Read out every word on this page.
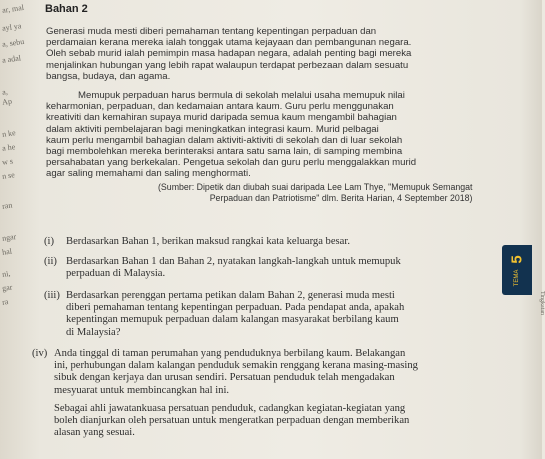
ar, mal
ayl ya
a, sebu
a adal
a,
Ap
n ke
a he
w s
n se
ran
ngar
hal
ni,
gar
ra
Bahan 2
Generasi muda mesti diberi pemahaman tentang kepentingan perpaduan dan
perdamaian kerana mereka ialah tonggak utama kejayaan dan pembangunan negara.
Oleh sebab murid ialah pemimpin masa hadapan negara, adalah penting bagi mereka
menjalinkan hubungan yang lebih rapat walaupun terdapat perbezaan dalam sesuatu
bangsa, budaya, dan agama.
Memupuk perpaduan harus bermula di sekolah melalui usaha memupuk nilai
keharmonian, perpaduan, dan kedamaian antara kaum. Guru perlu menggunakan
kreativiti dan kemahiran supaya murid daripada semua kaum mengambil bahagian
dalam aktiviti pembelajaran bagi meningkatkan integrasi kaum. Murid pelbagai
kaum perlu mengambil bahagian dalam aktiviti-aktiviti di sekolah dan di luar sekolah
bagi membolehkan mereka berinteraksi antara satu sama lain, di samping membina
persahabatan yang berkekalan. Pengetua sekolah dan guru perlu menggalakkan murid
agar saling memahami dan saling menghormati.
(Sumber: Dipetik dan diubah suai daripada Lee Lam Thye, "Memupuk Semangat
Perpaduan dan Patriotisme" dlm. Berita Harian, 4 September 2018)
(i) Berdasarkan Bahan 1, berikan maksud rangkai kata keluarga besar.
(ii) Berdasarkan Bahan 1 dan Bahan 2, nyatakan langkah-langkah untuk memupuk
perpaduan di Malaysia.
(iii) Berdasarkan perenggan pertama petikan dalam Bahan 2, generasi muda mesti
diberi pemahaman tentang kepentingan perpaduan. Pada pendapat anda, apakah
kepentingan memupuk perpaduan dalam kalangan masyarakat berbilang kaum
di Malaysia?
(iv) Anda tinggal di taman perumahan yang penduduknya berbilang kaum. Belakangan
ini, perhubungan dalam kalangan penduduk semakin renggang kerana masing-masing
sibuk dengan kerjaya dan urusan sendiri. Persatuan penduduk telah mengadakan
mesyuarat untuk membincangkan hal ini.
Sebagai ahli jawatankuasa persatuan penduduk, cadangkan kegiatan-kegiatan yang
boleh dianjurkan oleh persatuan untuk mengeratkan perpaduan dengan memberikan
alasan yang sesuai.
5
TEMA
Tingkatan
